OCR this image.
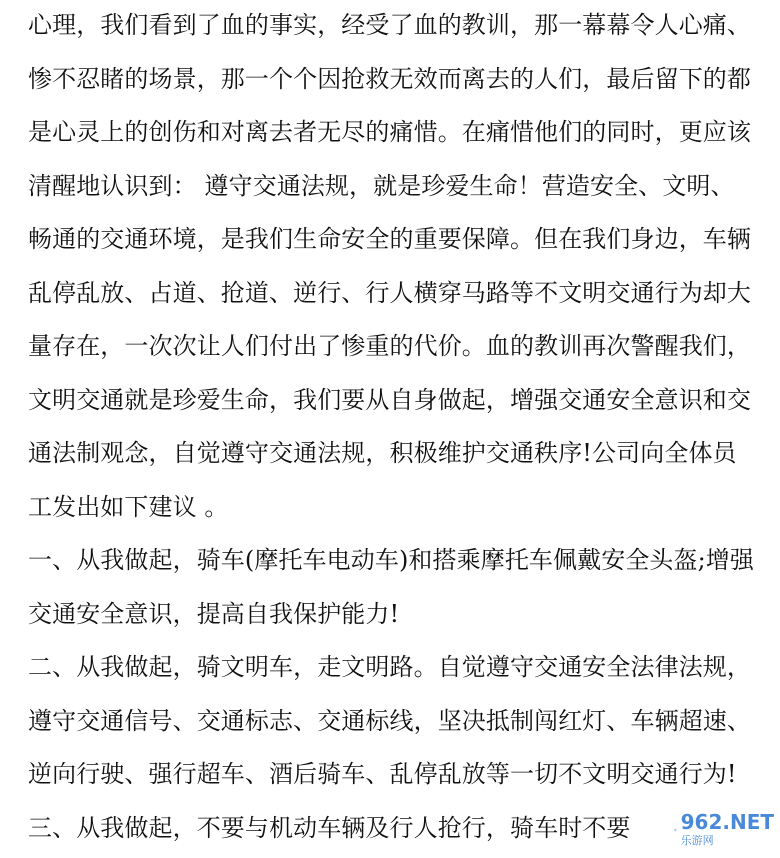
心理，我们看到了血的事实，经受了血的教训，那一幕幕令人心痛、
惨不忍睹的场景，那一个个因抢救无效而离去的人们，最后留下的都
是心灵上的创伤和对离去者无尽的痛惜。在痛惜他们的同时，更应该
清醒地认识到： 遵守交通法规，就是珍爱生命！营造安全、文明、
畅通的交通环境，是我们生命安全的重要保障。但在我们身边，车辆
乱停乱放、占道、抢道、逆行、行人横穿马路等不文明交通行为却大
量存在，一次次让人们付出了惨重的代价。血的教训再次警醒我们，
文明交通就是珍爱生命，我们要从自身做起，增强交通安全意识和交
通法制观念，自觉遵守交通法规，积极维护交通秩序!公司向全体员
工发出如下建议 。
一、从我做起，骑车(摩托车电动车)和搭乘摩托车佩戴安全头盔;增强
交通安全意识，提高自我保护能力!
二、从我做起，骑文明车，走文明路。自觉遵守交通安全法律法规，
遵守交通信号、交通标志、交通标线，坚决抵制闯红灯、车辆超速、
逆向行驶、强行超车、酒后骑车、乱停乱放等一切不文明交通行为!
三、从我做起，不要与机动车辆及行人抢行，骑车时不要	962.NET
乐游网
